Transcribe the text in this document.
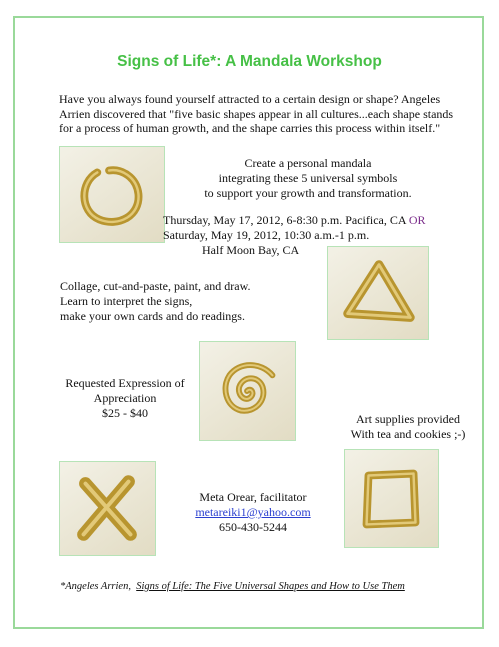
Signs of Life*: A Mandala Workshop
Have you always found yourself attracted to a certain design or shape? Angeles
Arrien discovered that "five basic shapes appear in all cultures...each shape stands
for a process of human growth, and the shape carries this process within itself."
Create a personal mandala
integrating these 5 universal symbols
to support your growth and transformation.
Thursday, May 17, 2012, 6-8:30 p.m. Pacifica, CA OR
Saturday, May 19, 2012, 10:30 a.m.-1 p.m.
Half Moon Bay, CA
Collage, cut-and-paste, paint, and draw.
Learn to interpret the signs,
make your own cards and do readings.
Requested Expression of
Appreciation
$25 - $40	Art supplies provided
With tea and cookies ;-)
Meta Orear, facilitator
metareiki1@yahoo.com
650-430-5244
*Angeles Arrien, Signs of Life: The Five Universal Shapes and How to Use Them
